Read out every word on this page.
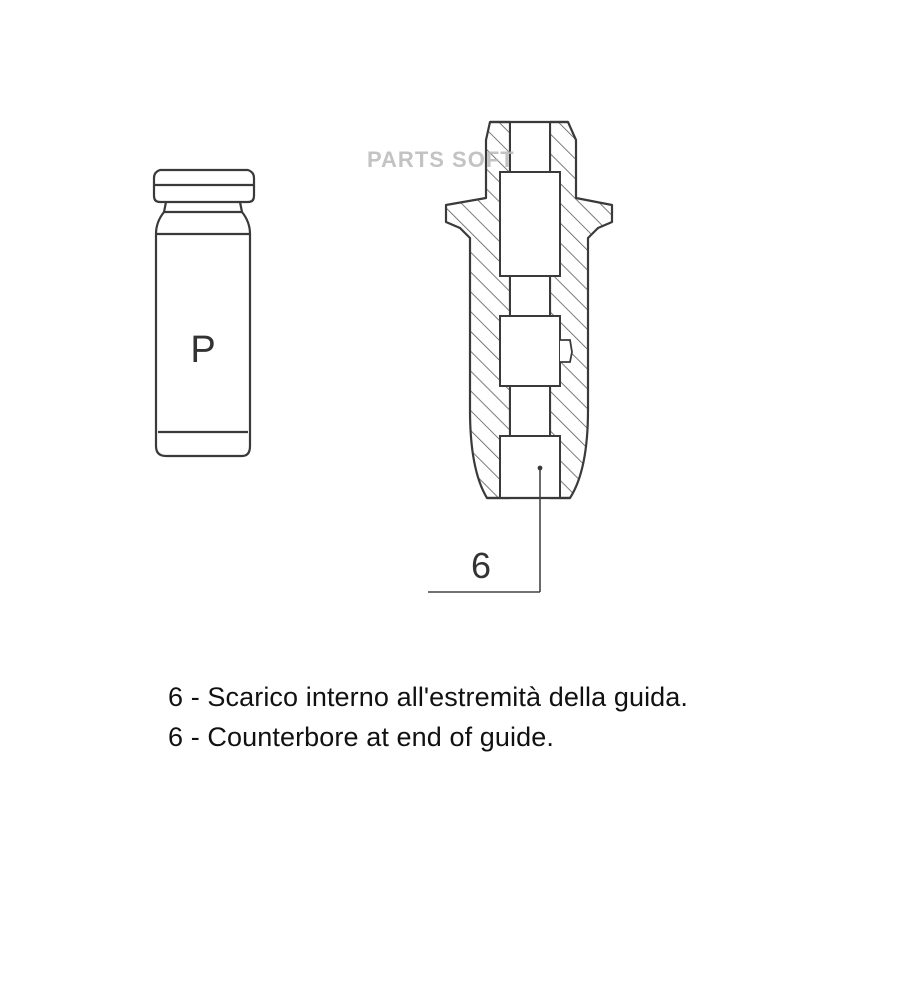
P
6
PARTS SOFT
6 - Scarico interno all'estremità della guida.
6 - Counterbore at end of guide.
